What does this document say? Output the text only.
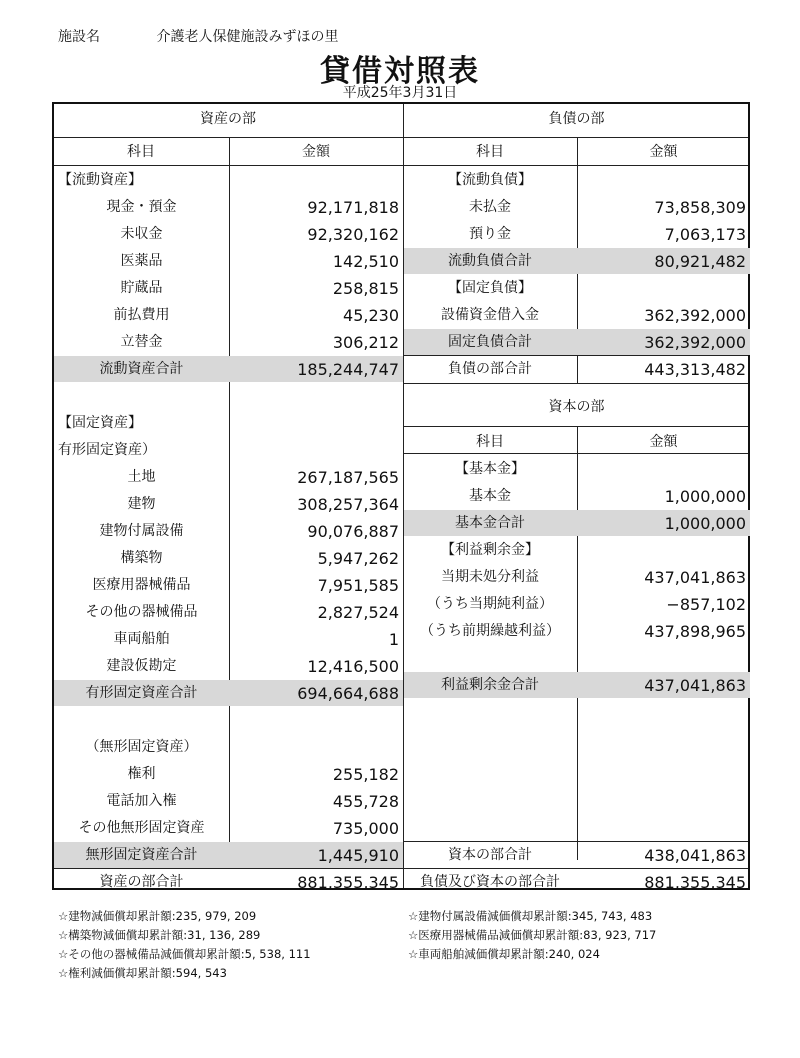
施設名	介護老人保健施設みずほの里
貸借対照表
平成25年3月31日
資産の部	負債の部
科目	金額	科目	金額
資本の部
科目	金額
【流動資産】
現金・預金	92,171,818
未収金	92,320,162
医薬品	142,510
貯蔵品	258,815
前払費用	45,230
立替金	306,212
流動資産合計	185,244,747
【固定資産】
有形固定資産）
土地	267,187,565
建物	308,257,364
建物付属設備	90,076,887
構築物	5,947,262
医療用器械備品	7,951,585
その他の器械備品	2,827,524
車両船舶	1
建設仮勘定	12,416,500
有形固定資産合計	694,664,688
（無形固定資産）
権利	255,182
電話加入権	455,728
その他無形固定資産	735,000
無形固定資産合計	1,445,910
資産の部合計	881,355,345
【流動負債】
未払金	73,858,309
預り金	7,063,173
流動負債合計	80,921,482
【固定負債】
設備資金借入金	362,392,000
固定負債合計	362,392,000
負債の部合計	443,313,482
【基本金】
基本金	1,000,000
基本金合計	1,000,000
【利益剰余金】
当期未処分利益	437,041,863
（うち当期純利益）	−857,102
（うち前期繰越利益）	437,898,965
利益剰余金合計	437,041,863
資本の部合計	438,041,863
負債及び資本の部合計	881,355,345
☆建物減価償却累計額:235, 979, 209	☆建物付属設備減価償却累計額:345, 743, 483
☆構築物減価償却累計額:31, 136, 289	☆医療用器械備品減価償却累計額:83, 923, 717
☆その他の器械備品減価償却累計額:5, 538, 111	☆車両船舶減価償却累計額:240, 024
☆権利減価償却累計額:594, 543
